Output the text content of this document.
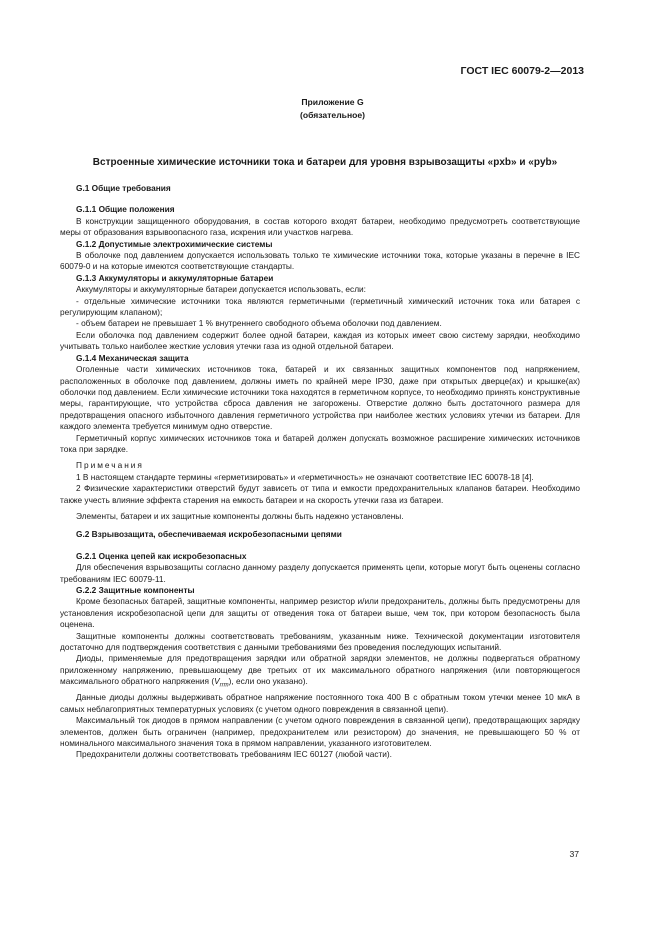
ГОСТ IEC 60079-2—2013
Приложение G
(обязательное)
Встроенные химические источники тока и батареи для уровня взрывозащиты «pxb» и «pyb»
G.1 Общие требования
G.1.1 Общие положения

В конструкции защищенного оборудования, в состав которого входят батареи, необходимо предусмотреть соответствующие меры от образования взрывоопасного газа, искрения или участков нагрева.

G.1.2 Допустимые электрохимические системы

В оболочке под давлением допускается использовать только те химические источники тока, которые указаны в перечне в IEC 60079-0 и на которые имеются соответствующие стандарты.

G.1.3 Аккумуляторы и аккумуляторные батареи

Аккумуляторы и аккумуляторные батареи допускается использовать, если:

- отдельные химические источники тока являются герметичными (герметичный химический источник тока или батарея с регулирующим клапаном);

- объем батареи не превышает 1 % внутреннего свободного объема оболочки под давлением.

Если оболочка под давлением содержит более одной батареи, каждая из которых имеет свою систему зарядки, необходимо учитывать только наиболее жесткие условия утечки газа из одной отдельной батареи.

G.1.4 Механическая защита

Оголенные части химических источников тока, батарей и их связанных защитных компонентов под напряжением, расположенных в оболочке под давлением, должны иметь по крайней мере IP30, даже при открытых дверце(ах) и крышке(ах) оболочки под давлением. Если химические источники тока находятся в герметичном корпусе, то необходимо принять конструктивные меры, гарантирующие, что устройства сброса давления не загорожены. Отверстие должно быть достаточного размера для предотвращения опасного избыточного давления герметичного устройства при наиболее жестких условиях утечки из батареи. Для каждого элемента требуется минимум одно отверстие.

Герметичный корпус химических источников тока и батарей должен допускать возможное расширение химических источников тока при зарядке.

Примечания

1 В настоящем стандарте термины «герметизировать» и «герметичность» не означают соответствие IEC 60078-18 [4].

2 Физические характеристики отверстий будут зависеть от типа и емкости предохранительных клапанов батареи. Необходимо также учесть влияние эффекта старения на емкость батареи и на скорость утечки газа из батареи.

Элементы, батареи и их защитные компоненты должны быть надежно установлены.

G.2 Взрывозащита, обеспечиваемая искробезопасными цепями
G.2.1 Оценка цепей как искробезопасных

Для обеспечения взрывозащиты согласно данному разделу допускается применять цепи, которые могут быть оценены согласно требованиям IEC 60079-11.

G.2.2 Защитные компоненты

Кроме безопасных батарей, защитные компоненты, например резистор и/или предохранитель, должны быть предусмотрены для установления искробезопасной цепи для защиты от отведения тока от батареи выше, чем ток, при котором безопасность была оценена.

Защитные компоненты должны соответствовать требованиям, указанным ниже. Технической документации изготовителя достаточно для подтверждения соответствия с данными требованиями без проведения последующих испытаний.

Диоды, применяемые для предотвращения зарядки или обратной зарядки элементов, не должны подвергаться обратному приложенному напряжению, превышающему две третьих от их максимального обратного напряжения (или повторяющегося максимального обратного напряжения $(V_{rrm})$, если оно указано).

Данные диоды должны выдерживать обратное напряжение постоянного тока 400 В с обратным током утечки менее 10 мкА в самых неблагоприятных температурных условиях (с учетом одного повреждения в связанной цепи).

Максимальный ток диодов в прямом направлении (с учетом одного повреждения в связанной цепи), предотвращающих зарядку элементов, должен быть ограничен (например, предохранителем или резистором) до значения, не превышающего 50 % от номинального максимального значения тока в прямом направлении, указанного изготовителем.

Предохранители должны соответствовать требованиям IEC 60127 (любой части).

37
